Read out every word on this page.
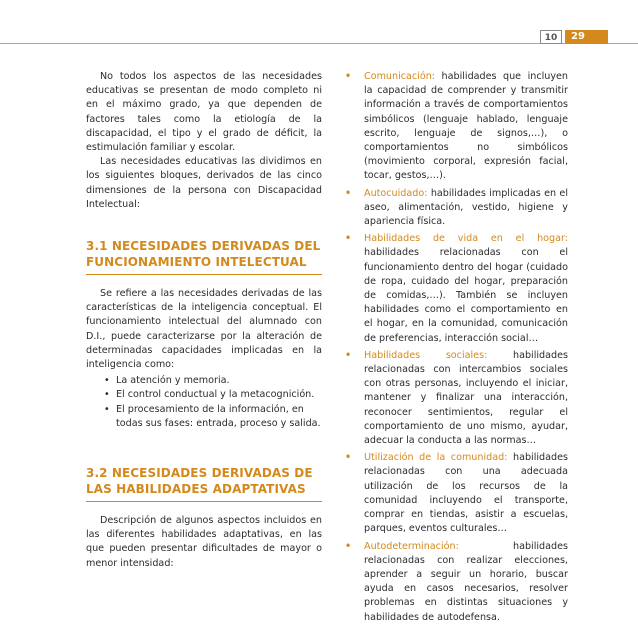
10	29

No todos los aspectos de las necesidades educativas se presentan de modo completo ni en el máximo grado, ya que dependen de factores tales como la etiología de la discapacidad, el tipo y el grado de déficit, la estimulación familiar y escolar.

Las necesidades educativas las dividimos en los siguientes bloques, derivados de las cinco dimensiones de la persona con Discapacidad Intelectual:

3.1 NECESIDADES DERIVADAS DEL FUNCIONAMIENTO INTELECTUAL

Se refiere a las necesidades derivadas de las características de la inteligencia conceptual. El funcionamiento intelectual del alumnado con D.I., puede caracterizarse por la alteración de determinadas capacidades implicadas en la inteligencia como:

• La atención y memoria.
• El control conductual y la metacognición.
• El procesamiento de la información, en todas sus fases: entrada, proceso y salida.
3.2 NECESIDADES DERIVADAS DE LAS HABILIDADES ADAPTATIVAS

Descripción de algunos aspectos incluidos en las diferentes habilidades adaptativas, en las que pueden presentar dificultades de mayor o menor intensidad:

• Comunicación: habilidades que incluyen la capacidad de comprender y transmitir información a través de comportamientos simbólicos (lenguaje hablado, lenguaje escrito, lenguaje de signos,…), o comportamientos no simbólicos (movimiento corporal, expresión facial, tocar, gestos,…).

• Autocuidado: habilidades implicadas en el aseo, alimentación, vestido, higiene y apariencia física.

• Habilidades de vida en el hogar: habilidades relacionadas con el funcionamiento dentro del hogar (cuidado de ropa, cuidado del hogar, preparación de comidas,…). También se incluyen habilidades como el comportamiento en el hogar, en la comunidad, comunicación de preferencias, interacción social…

• Habilidades sociales: habilidades relacionadas con intercambios sociales con otras personas, incluyendo el iniciar, mantener y finalizar una interacción, reconocer sentimientos, regular el comportamiento de uno mismo, ayudar, adecuar la conducta a las normas…

• Utilización de la comunidad: habilidades relacionadas con una adecuada utilización de los recursos de la comunidad incluyendo el transporte, comprar en tiendas, asistir a escuelas, parques, eventos culturales…

• Autodeterminación: habilidades relacionadas con realizar elecciones, aprender a seguir un horario, buscar ayuda en casos necesarios, resolver problemas en distintas situaciones y habilidades de autodefensa.
